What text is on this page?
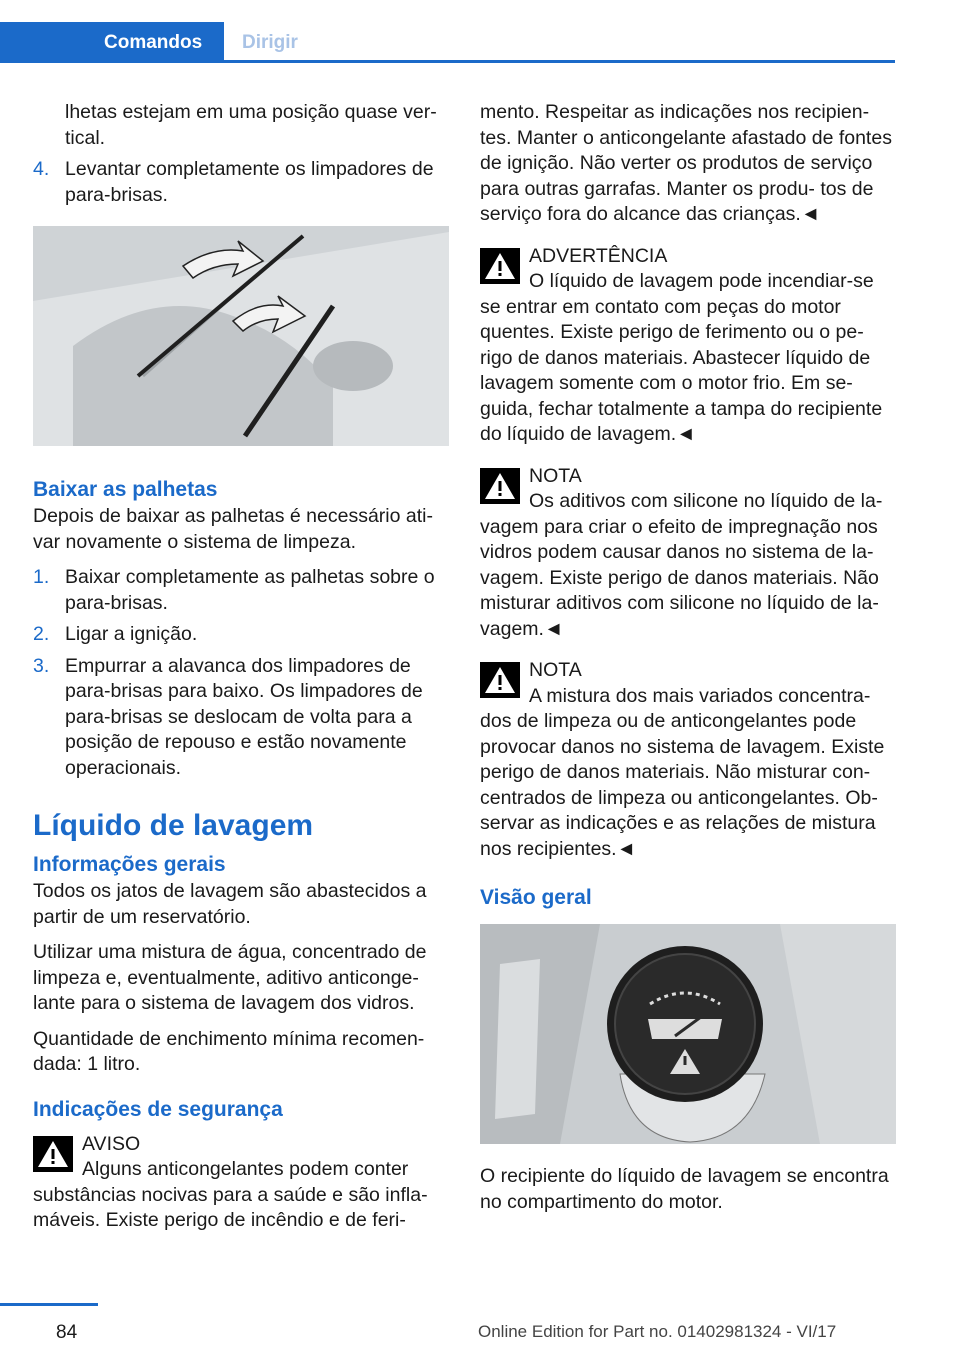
Comandos	Dirigir
lhetas estejam em uma posição quase ver- tical.
4. Levantar completamente os limpadores de para-brisas.
Baixar as palhetas

Depois de baixar as palhetas é necessário ati- var novamente o sistema de limpeza.

1. Baixar completamente as palhetas sobre o para-brisas.
2. Ligar a ignição.
3. Empurrar a alavanca dos limpadores de para-brisas para baixo. Os limpadores de para-brisas se deslocam de volta para a posição de repouso e estão novamente operacionais.
Líquido de lavagem
Informações gerais

Todos os jatos de lavagem são abastecidos a partir de um reservatório.

Utilizar uma mistura de água, concentrado de limpeza e, eventualmente, aditivo anticonge- lante para o sistema de lavagem dos vidros.

Quantidade de enchimento mínima recomen- dada: 1 litro.

Indicações de segurança
AVISO
Alguns anticongelantes podem conter
substâncias nocivas para a saúde e são infla- máveis. Existe perigo de incêndio e de feri-

mento. Respeitar as indicações nos recipien- tes. Manter o anticongelante afastado de fontes de ignição. Não verter os produtos de serviço para outras garrafas. Manter os produ- tos de serviço fora do alcance das crianças.◄

ADVERTÊNCIA
O líquido de lavagem pode incendiar-se
se entrar em contato com peças do motor quentes. Existe perigo de ferimento ou o pe- rigo de danos materiais. Abastecer líquido de lavagem somente com o motor frio. Em se- guida, fechar totalmente a tampa do recipiente do líquido de lavagem.◄
NOTA
Os aditivos com silicone no líquido de la-
vagem para criar o efeito de impregnação nos vidros podem causar danos no sistema de la- vagem. Existe perigo de danos materiais. Não misturar aditivos com silicone no líquido de la- vagem.◄
NOTA
A mistura dos mais variados concentra-
dos de limpeza ou de anticongelantes pode provocar danos no sistema de lavagem. Existe perigo de danos materiais. Não misturar con- centrados de limpeza ou anticongelantes. Ob- servar as indicações e as relações de mistura nos recipientes.◄
Visão geral

O recipiente do líquido de lavagem se encontra no compartimento do motor.

84	Online Edition for Part no. 01402981324 - VI/17
